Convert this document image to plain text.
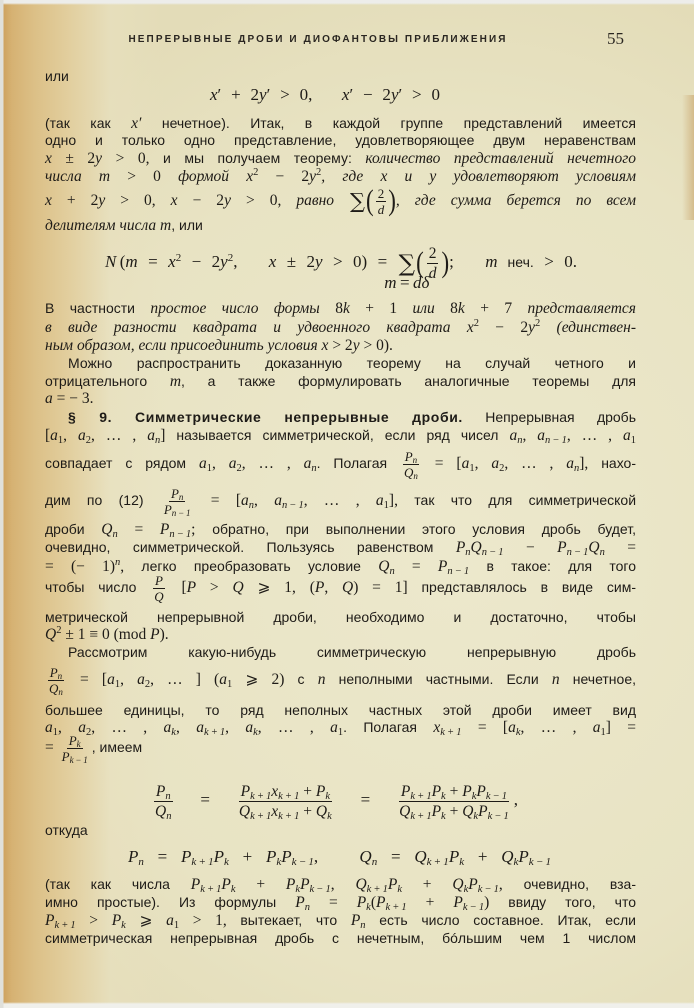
НЕПРЕРЫВНЫЕ ДРОБИ И ДИОФАНТОВЫ ПРИБЛИЖЕНИЯ	55
или
x′ + 2y′ > 0,   x′ − 2y′ > 0
(так как x′ нечетное). Итак, в каждой группе представлений имеется
одно и только одно представление, удовлетворяющее двум неравенствам
x ± 2y > 0, и мы получаем теорему: количество представлений нечетного
числа m > 0 формой $x^2 - 2y^2$, где x и y удовлетворяют условиям
x + 2y > 0, x − 2y > 0, равно ∑( $\frac{2}{d}$ ), где сумма берется по всем
делителям числа m, или
N ($m = x^2 - 2y^2$,   x ± 2y > 0) = ∑
m = dδ
( $\frac{2}{d}$ );   m неч. > 0.
В частности простое число формы 8k + 1 или 8k + 7 представляется
в виде разности квадрата и удвоенного квадрата $x^2 - 2y^2$ (единствен-
ным образом, если присоединить условия x > 2y > 0).
Можно распространить доказанную теорему на случай четного и
отрицательного m, а также формулировать аналогичные теоремы для
a = − 3.
§ 9. Симметрические непрерывные дроби. Непрерывная дробь
[$a_1$, $a_2$, … , $a_n$] называется симметрической, если ряд чисел $a_n$, $a_{n - 1}$, … , $a_1$
совпадает с рядом $a_1$, $a_2$, … , $a_n$. Полагая $\frac{Pn}{Qn} = [a_1$, $a_2$, … , $a_n$], нахо-
дим по $(12) \frac{Pn}{Pn - 1} = [a_n$, $a_{n - 1}$, … , $a_1$], так что для симметрической
дроби $Q_n = P_{n - 1}$; обратно, при выполнении этого условия дробь будет,
очевидно, симметрической. Пользуясь равенством $P_nQ_{n - 1} - P_{n - 1}Q_n$ =
= (− 1)$^n$, легко преобразовать условие $Q_n = P_{n - 1}$ в такое: для того
чтобы число $\frac{P}{Q} [P > Q$ ⩾ 1, (P, Q) = 1] представлялось в виде сим-
метрической непрерывной дроби, необходимо и достаточно, чтобы
$Q^2 \pm 1 \equiv 0$ (mod P).
Рассмотрим какую-нибудь симметрическую непрерывную дробь
$\frac{Pn}{Qn} = [a_1$, $a_2$, … ] ($a_1$ ⩾ 2) с n неполными частными. Если n нечетное,
большее единицы, то ряд неполных частных этой дроби имеет вид
$a_1$, $a_2$, … , $a_k$, $a_{k + 1}$, $a_k$, … , $a_1$. Полагая $x_{k + 1} = [a_k$, … , $a_1$] =
= $\frac{Pk}{Pk - 1}$ , имеем
$\frac{P_n}{Q_n} = \frac{P_{k + 1}x_{k + 1} + P_k}{Q_{k + 1}x_{k + 1} + Q_k} = \frac{P_{k + 1}P_k + P_kP_{k - 1}}{Q_{k + 1}P_k + Q_kP_{k - 1}}$ ,
откуда
$P_n = P_{k + 1}P_k + P_kP_{k - 1}$,   $Q_n = Q_{k + 1}P_k + Q_kP_{k - 1}$
(так как числа $P_{k + 1}P_k + P_kP_{k - 1}$, $Q_{k + 1}P_k + Q_kP_{k - 1}$, очевидно, вза-
имно простые). Из формулы $P_n = P_k(P_{k + 1} + P_{k - 1})$ ввиду того, что
$P_{k + 1} > P_k$ ⩾ $a_1 > 1$, вытекает, что $P_n$ есть число составное. Итак, если
симметрическая непрерывная дробь с нечетным, бóльшим чем 1 числом
